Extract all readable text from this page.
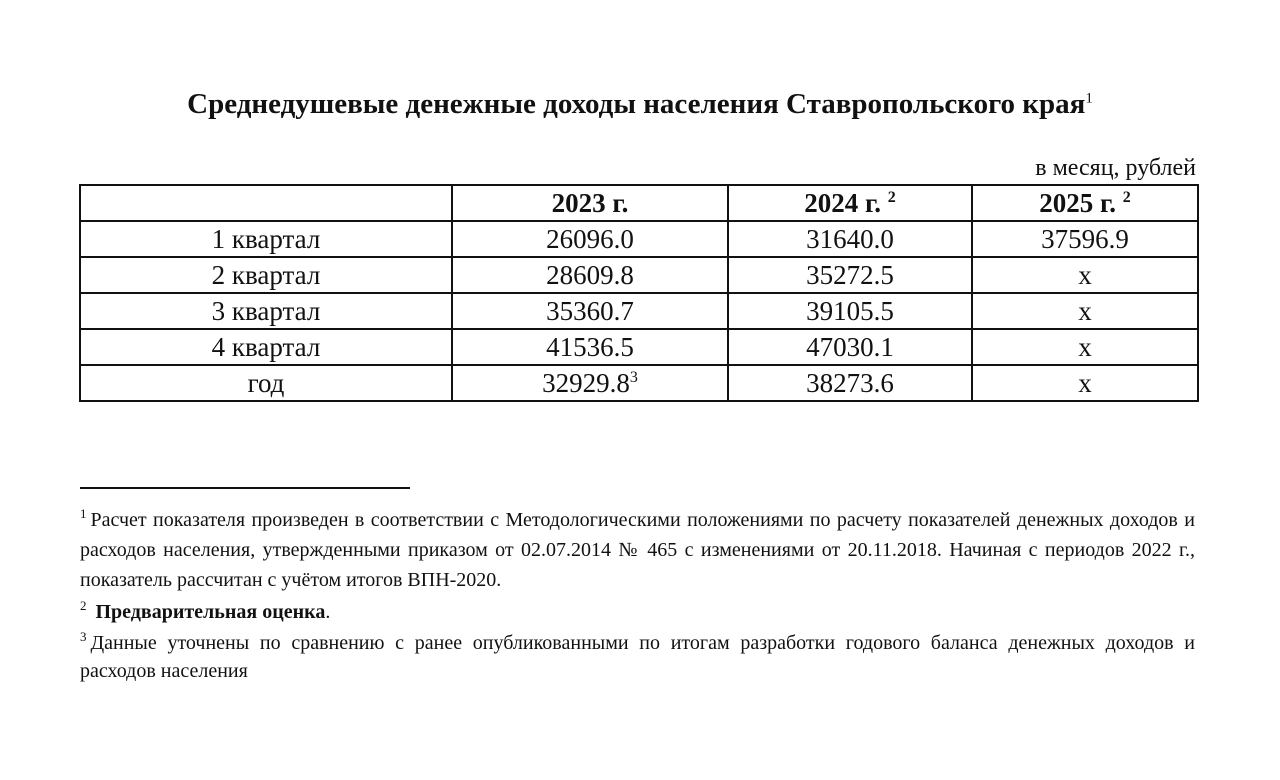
Среднедушевые денежные доходы населения Ставропольского края$^1$
в месяц, рублей
	2023 г.	2024 г. $^2$	2025 г. $^2$
1 квартал	26096.0	31640.0	37596.9
2 квартал	28609.8	35272.5	x
3 квартал	35360.7	39105.5	x
4 квартал	41536.5	47030.1	x
год	32929.8$^3$	38273.6	x

$^1$ Расчет показателя произведен в соответствии с Методологическими положениями по расчету показателей денежных доходов и расходов населения, утвержденными приказом от 02.07.2014 № 465 с изменениями от 20.11.2018. Начиная с периодов 2022 г., показатель рассчитан с учётом итогов ВПН-2020.

$^2$ Предварительная оценка.

$^3$ Данные уточнены по сравнению с ранее опубликованными по итогам разработки годового баланса денежных доходов и расходов населения
